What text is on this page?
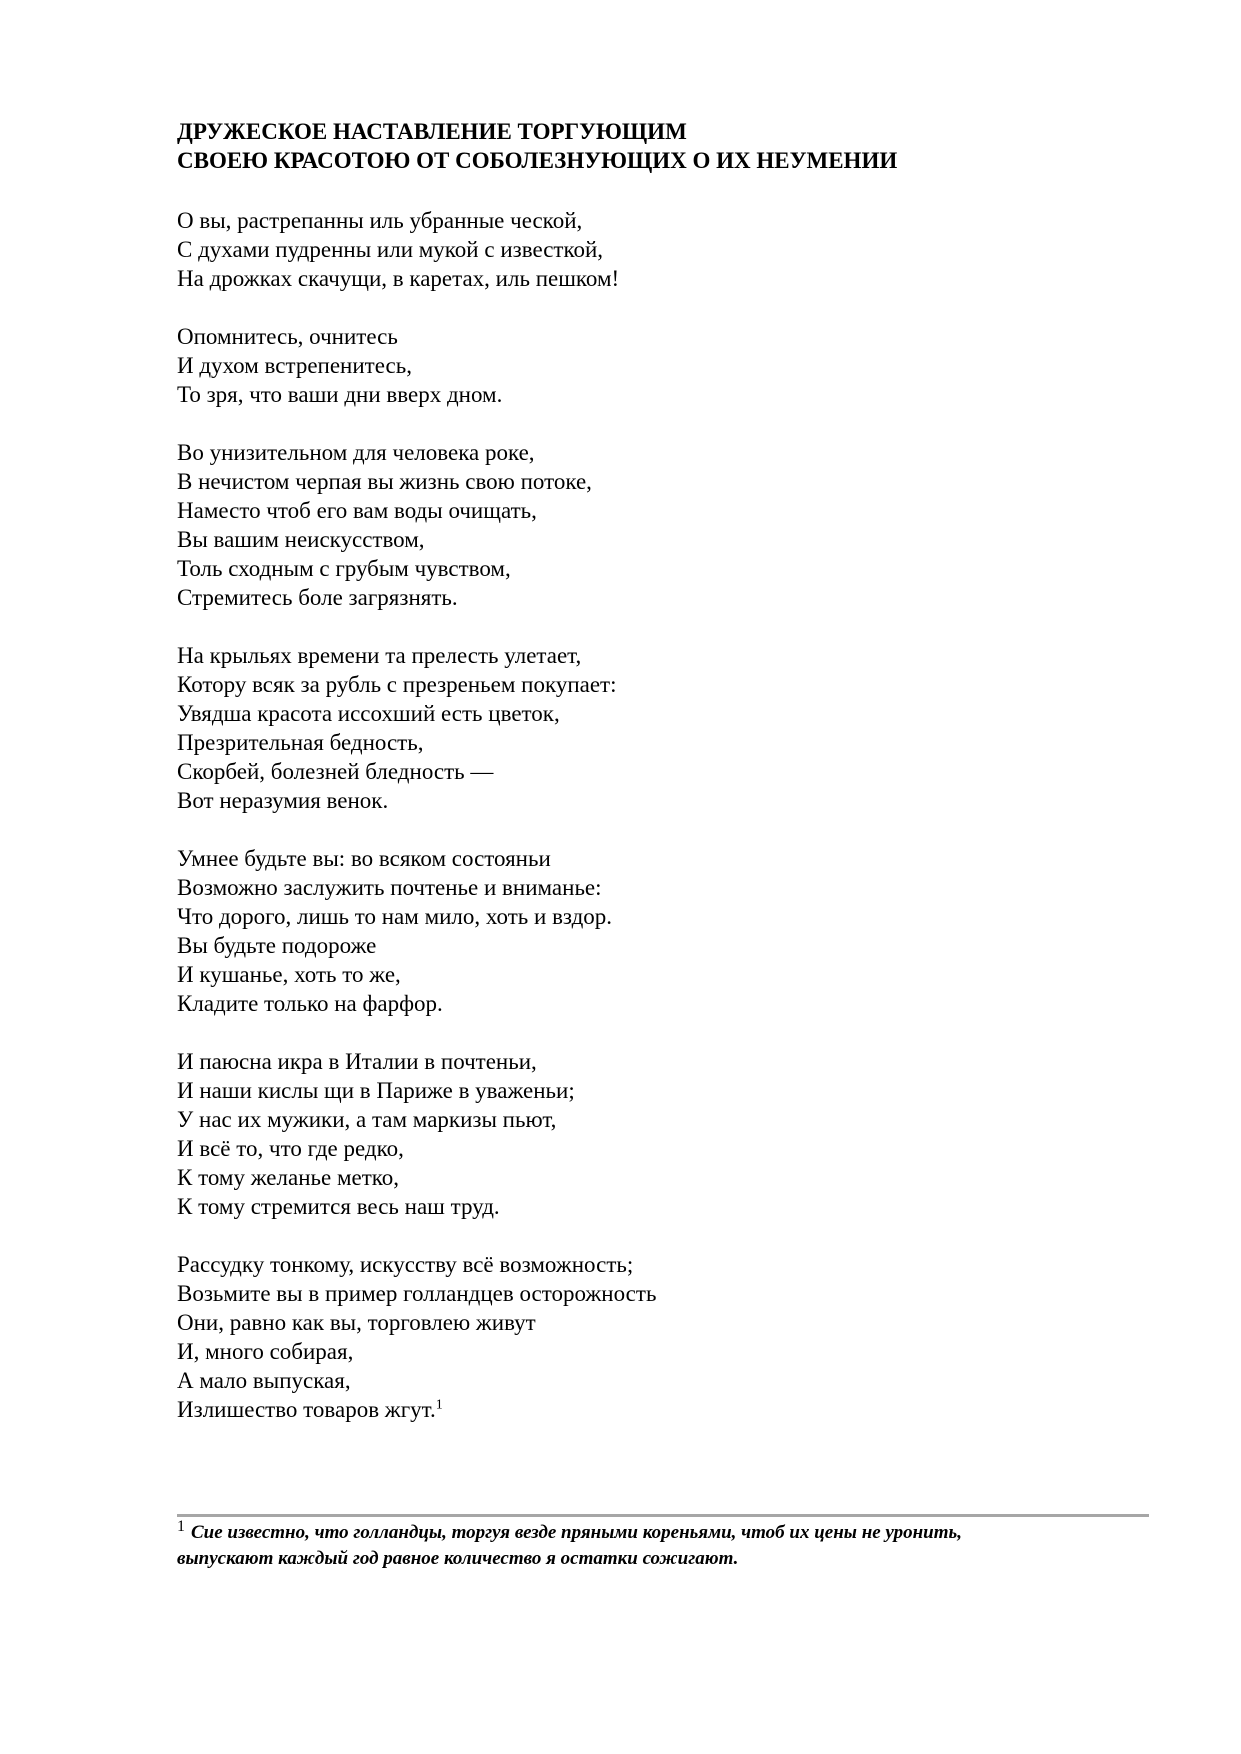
ДРУЖЕСКОЕ НАСТАВЛЕНИЕ ТОРГУЮЩИМ
СВОЕЮ КРАСОТОЮ ОТ СОБОЛЕЗНУЮЩИХ О ИХ НЕУМЕНИИ
О вы, растрепанны иль убранные ческой,
С духами пудренны или мукой с известкой,
На дрожках скачущи, в каретах, иль пешком!
Опомнитесь, очнитесь
И духом встрепенитесь,
То зря, что ваши дни вверх дном.
Во унизительном для человека роке,
В нечистом черпая вы жизнь свою потоке,
Наместо чтоб его вам воды очищать,
Вы вашим неискусством,
Толь сходным с грубым чувством,
Стремитесь боле загрязнять.
На крыльях времени та прелесть улетает,
Котору всяк за рубль с презреньем покупает:
Увядша красота иссохший есть цветок,
Презрительная бедность,
Скорбей, болезней бледность —
Вот неразумия венок.
Умнее будьте вы: во всяком состояньи
Возможно заслужить почтенье и вниманье:
Что дорого, лишь то нам мило, хоть и вздор.
Вы будьте подороже
И кушанье, хоть то же,
Кладите только на фарфор.
И паюсна икра в Италии в почтеньи,
И наши кислы щи в Париже в уваженьи;
У нас их мужики, а там маркизы пьют,
И всё то, что где редко,
К тому желанье метко,
К тому стремится весь наш труд.
Рассудку тонкому, искусству всё возможность;
Возьмите вы в пример голландцев осторожность
Они, равно как вы, торговлею живут
И, много собирая,
А мало выпуская,
Излишество товаров жгут.$^1$
$^1$ Сие известно, что голландцы, торгуя везде пряными кореньями, чтоб их цены не уронить,
выпускают каждый год равное количество я остатки сожигают.
